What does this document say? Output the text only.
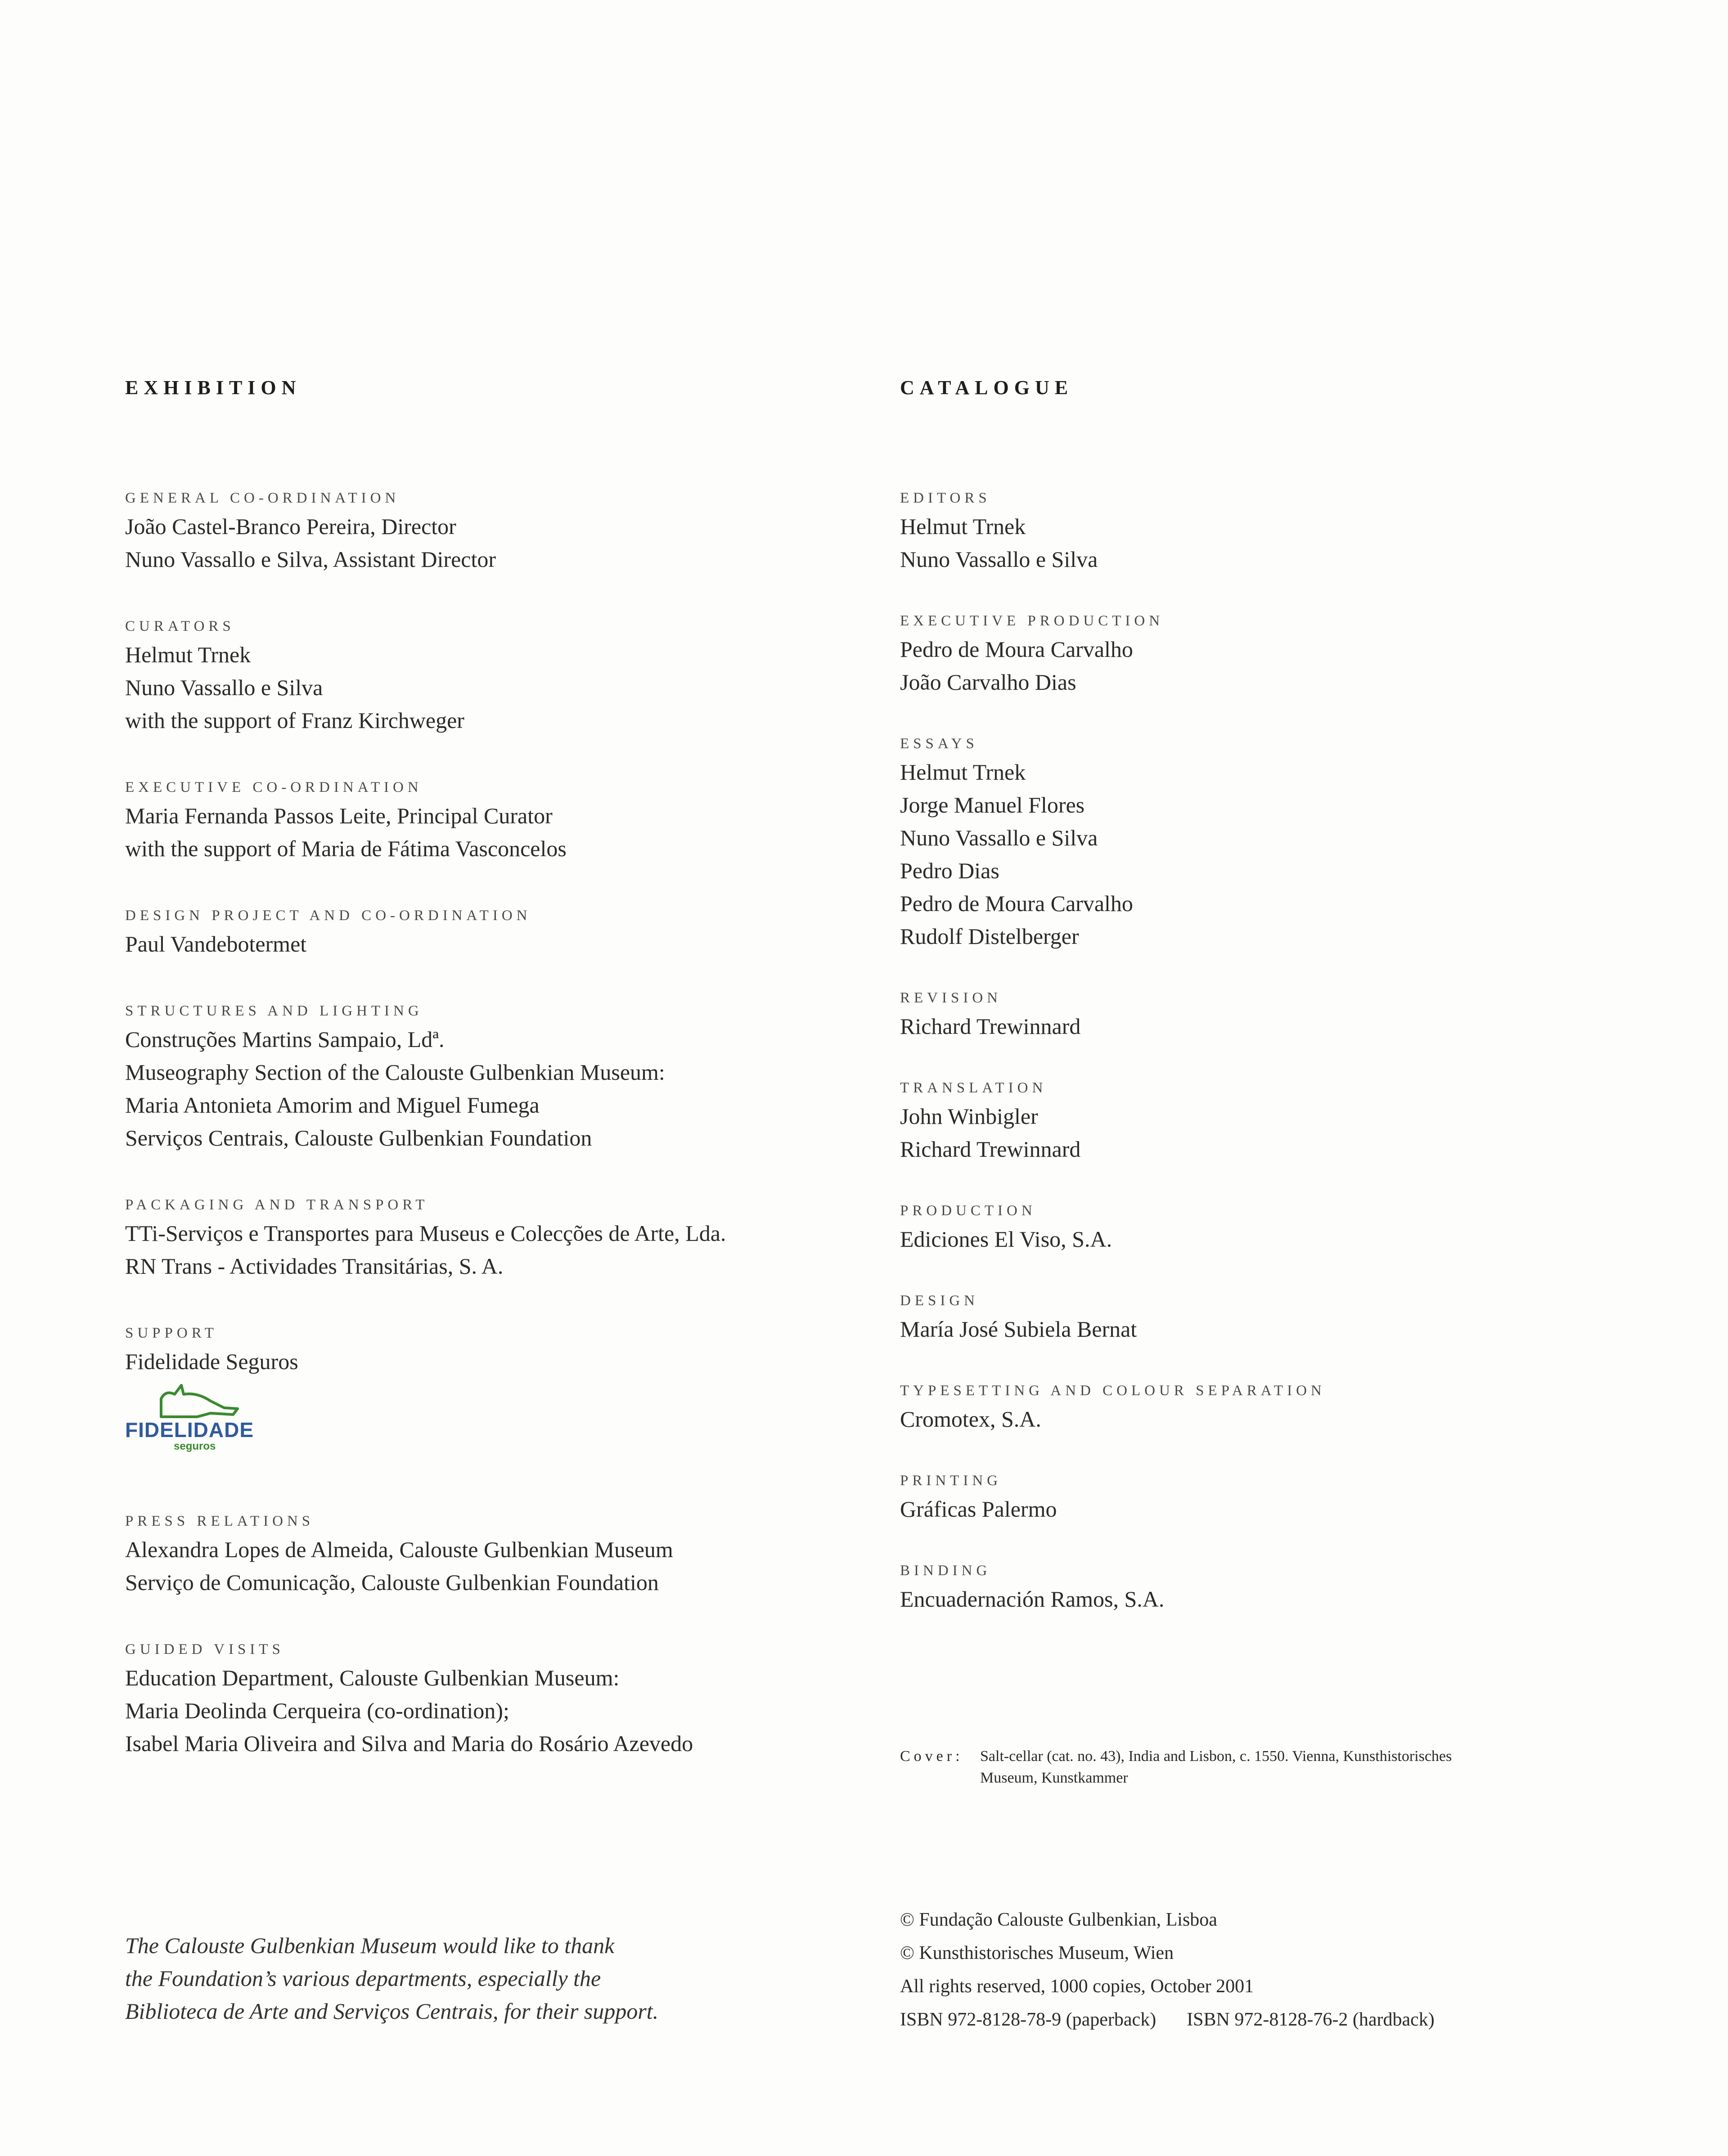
EXHIBITION
GENERAL CO-ORDINATION
João Castel-Branco Pereira, Director
Nuno Vassallo e Silva, Assistant Director
CURATORS
Helmut Trnek
Nuno Vassallo e Silva
with the support of Franz Kirchweger
EXECUTIVE CO-ORDINATION
Maria Fernanda Passos Leite, Principal Curator
with the support of Maria de Fátima Vasconcelos
DESIGN PROJECT AND CO-ORDINATION
Paul Vandebotermet
STRUCTURES AND LIGHTING
Construções Martins Sampaio, Ldª.
Museography Section of the Calouste Gulbenkian Museum:
Maria Antonieta Amorim and Miguel Fumega
Serviços Centrais, Calouste Gulbenkian Foundation
PACKAGING AND TRANSPORT
TTi-Serviços e Transportes para Museus e Colecções de Arte, Lda.
RN Trans - Actividades Transitárias, S. A.
SUPPORT
Fidelidade Seguros
FIDELIDADE
seguros
PRESS RELATIONS
Alexandra Lopes de Almeida, Calouste Gulbenkian Museum
Serviço de Comunicação, Calouste Gulbenkian Foundation
GUIDED VISITS
Education Department, Calouste Gulbenkian Museum:
Maria Deolinda Cerqueira (co-ordination);
Isabel Maria Oliveira and Silva and Maria do Rosário Azevedo
CATALOGUE
EDITORS
Helmut Trnek
Nuno Vassallo e Silva
EXECUTIVE PRODUCTION
Pedro de Moura Carvalho
João Carvalho Dias
ESSAYS
Helmut Trnek
Jorge Manuel Flores
Nuno Vassallo e Silva
Pedro Dias
Pedro de Moura Carvalho
Rudolf Distelberger
REVISION
Richard Trewinnard
TRANSLATION
John Winbigler
Richard Trewinnard
PRODUCTION
Ediciones El Viso, S.A.
DESIGN
María José Subiela Bernat
TYPESETTING AND COLOUR SEPARATION
Cromotex, S.A.
PRINTING
Gráficas Palermo
BINDING
Encuadernación Ramos, S.A.
Cover: Salt-cellar (cat. no. 43), India and Lisbon, c. 1550. Vienna, Kunsthistorisches Museum, Kunstkammer
The Calouste Gulbenkian Museum would like to thank
the Foundation’s various departments, especially the
Biblioteca de Arte and Serviços Centrais, for their support.
© Fundação Calouste Gulbenkian, Lisboa
© Kunsthistorisches Museum, Wien
All rights reserved, 1000 copies, October 2001
ISBN 972-8128-78-9 (paperback) ISBN 972-8128-76-2 (hardback)
